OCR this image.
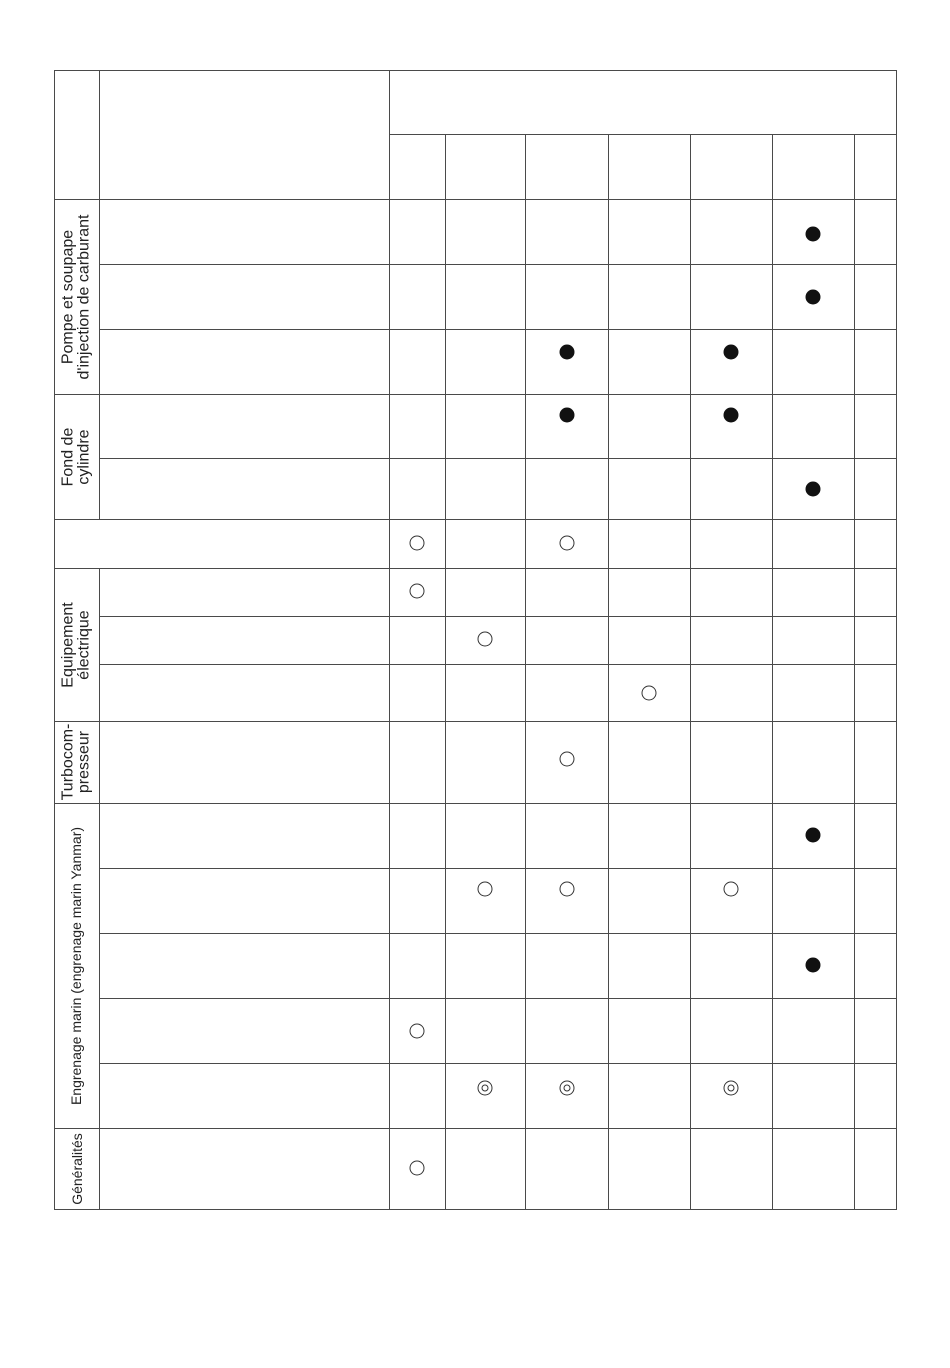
Pompe et soupape d'injection de carburant
Fond de cylindre
Equipement électrique
Turbocom- presseur
Engrenage marin (engrenage marin Yanmar)
Généralités
